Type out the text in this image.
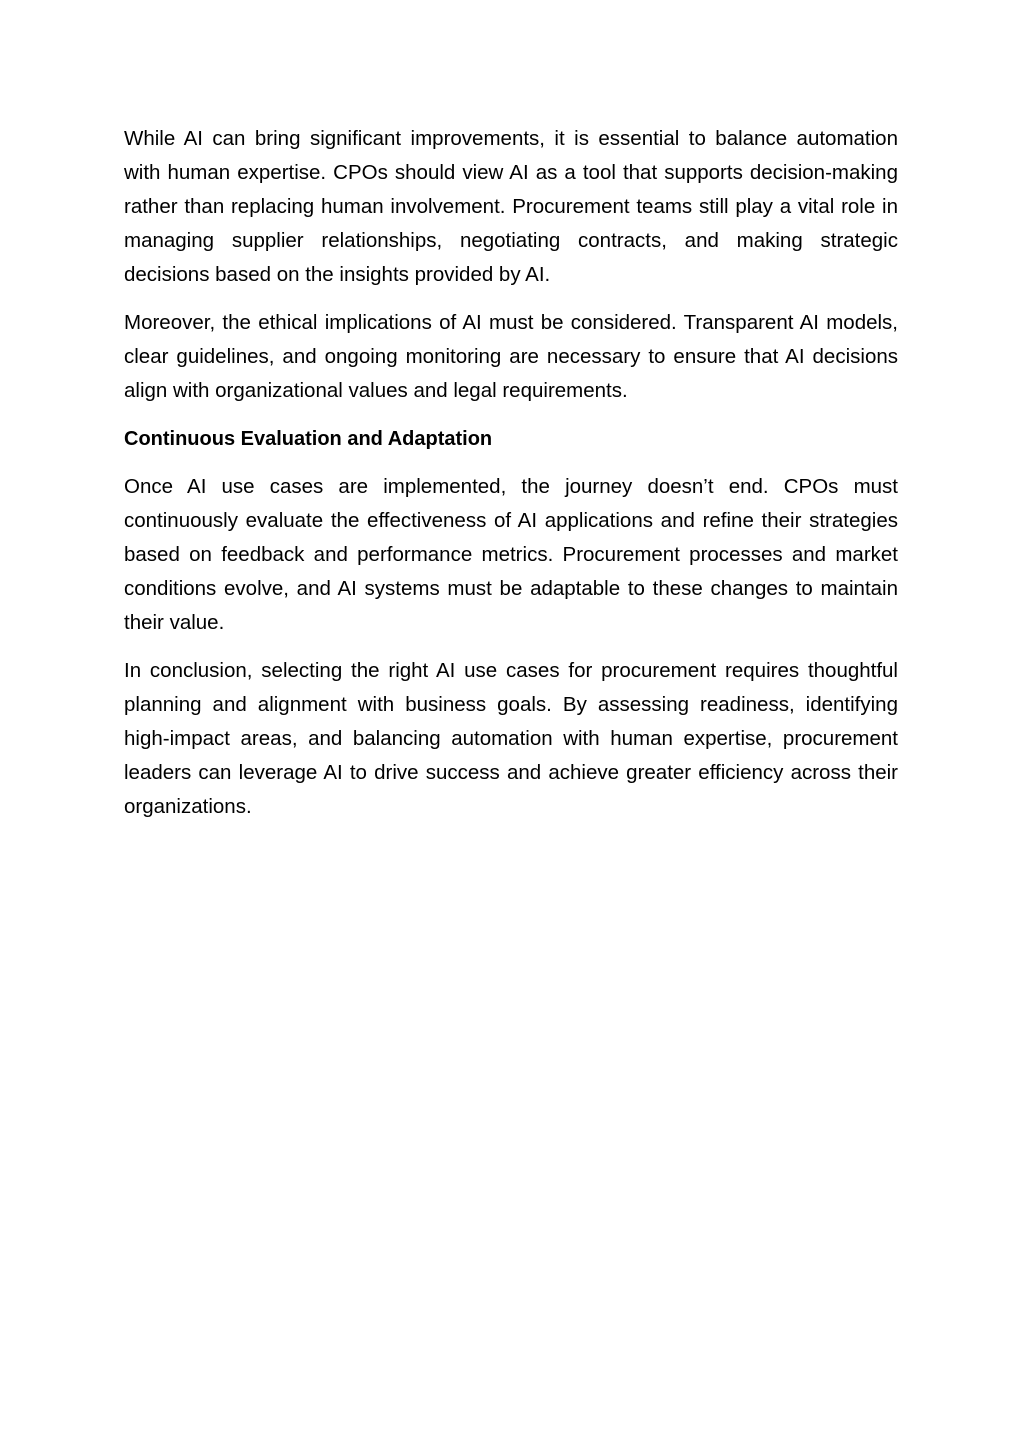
While AI can bring significant improvements, it is essential to balance automation with human expertise. CPOs should view AI as a tool that supports decision-making rather than replacing human involvement. Procurement teams still play a vital role in managing supplier relationships, negotiating contracts, and making strategic decisions based on the insights provided by AI.

Moreover, the ethical implications of AI must be considered. Transparent AI models, clear guidelines, and ongoing monitoring are necessary to ensure that AI decisions align with organizational values and legal requirements.

Continuous Evaluation and Adaptation

Once AI use cases are implemented, the journey doesn’t end. CPOs must continuously evaluate the effectiveness of AI applications and refine their strategies based on feedback and performance metrics. Procurement processes and market conditions evolve, and AI systems must be adaptable to these changes to maintain their value.

In conclusion, selecting the right AI use cases for procurement requires thoughtful planning and alignment with business goals. By assessing readiness, identifying high-impact areas, and balancing automation with human expertise, procurement leaders can leverage AI to drive success and achieve greater efficiency across their organizations.
